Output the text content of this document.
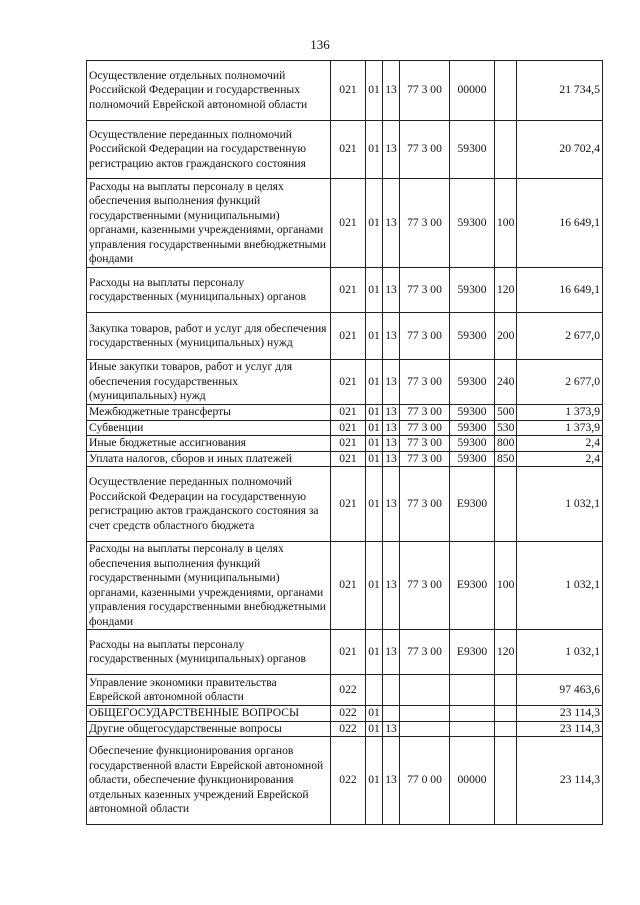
136
Осуществление отдельных полномочий Российской Федерации и государственных полномочий Еврейской автономной области	021	01	13	77 3 00	00000		21 734,5
Осуществление переданных полномочий Российской Федерации на государственную регистрацию актов гражданского состояния	021	01	13	77 3 00	59300		20 702,4
Расходы на выплаты персоналу в целях обеспечения выполнения функций государственными (муниципальными) органами, казенными учреждениями, органами управления государственными внебюджетными фондами	021	01	13	77 3 00	59300	100	16 649,1
Расходы на выплаты персоналу государственных (муниципальных) органов	021	01	13	77 3 00	59300	120	16 649,1
Закупка товаров, работ и услуг для обеспечения государственных (муниципальных) нужд	021	01	13	77 3 00	59300	200	2 677,0
Иные закупки товаров, работ и услуг для обеспечения государственных (муниципальных) нужд	021	01	13	77 3 00	59300	240	2 677,0
Межбюджетные трансферты	021	01	13	77 3 00	59300	500	1 373,9
Субвенции	021	01	13	77 3 00	59300	530	1 373,9
Иные бюджетные ассигнования	021	01	13	77 3 00	59300	800	2,4
Уплата налогов, сборов и иных платежей	021	01	13	77 3 00	59300	850	2,4
Осуществление переданных полномочий Российской Федерации на государственную регистрацию актов гражданского состояния за счет средств областного бюджета	021	01	13	77 3 00	Е9300		1 032,1
Расходы на выплаты персоналу в целях обеспечения выполнения функций государственными (муниципальными) органами, казенными учреждениями, органами управления государственными внебюджетными фондами	021	01	13	77 3 00	Е9300	100	1 032,1
Расходы на выплаты персоналу государственных (муниципальных) органов	021	01	13	77 3 00	Е9300	120	1 032,1
Управление экономики правительства Еврейской автономной области	022						97 463,6
ОБЩЕГОСУДАРСТВЕННЫЕ ВОПРОСЫ	022	01					23 114,3
Другие общегосударственные вопросы	022	01	13				23 114,3
Обеспечение функционирования органов государственной власти Еврейской автономной области, обеспечение функционирования отдельных казенных учреждений Еврейской автономной области	022	01	13	77 0 00	00000		23 114,3
